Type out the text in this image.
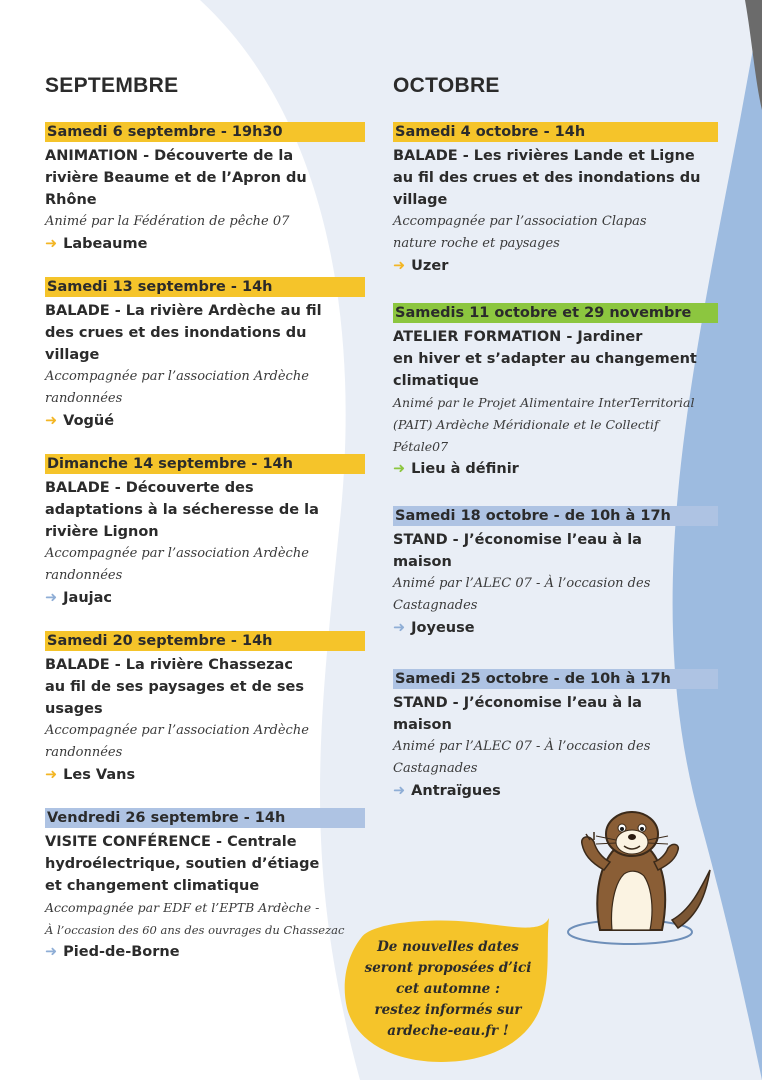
SEPTEMBRE
Samedi 6 septembre - 19h30
ANIMATION - Découverte de la
rivière Beaume et de l’Apron du
Rhône
Animé par la Fédération de pêche 07
➜ Labeaume
Samedi 13 septembre - 14h
BALADE - La rivière Ardèche au fil
des crues et des inondations du village
Accompagnée par l’association Ardèche
randonnées
➜ Vogüé
Dimanche 14 septembre - 14h
BALADE - Découverte des
adaptations à la sécheresse de la
rivière Lignon
Accompagnée par l’association Ardèche
randonnées
➜ Jaujac
Samedi 20 septembre - 14h
BALADE - La rivière Chassezac
au fil de ses paysages et de ses usages
Accompagnée par l’association Ardèche
randonnées
➜ Les Vans
Vendredi 26 septembre - 14h
VISITE CONFÉRENCE - Centrale
hydroélectrique, soutien d’étiage
et changement climatique
Accompagnée par EDF et l’EPTB Ardèche -
À l’occasion des 60 ans des ouvrages du Chassezac
➜ Pied-de-Borne
OCTOBRE
Samedi 4 octobre - 14h
BALADE - Les rivières Lande et Ligne
au fil des crues et des inondations du
village
Accompagnée par l’association Clapas
nature roche et paysages
➜ Uzer
Samedis 11 octobre et 29 novembre
ATELIER FORMATION - Jardiner
en hiver et s’adapter au changement
climatique
Animé par le Projet Alimentaire InterTerritorial
(PAIT) Ardèche Méridionale et le Collectif
Pétale07
➜ Lieu à définir
Samedi 18 octobre - de 10h à 17h
STAND - J’économise l’eau à la
maison
Animé par l’ALEC 07 - À l’occasion des
Castagnades
➜ Joyeuse
Samedi 25 octobre - de 10h à 17h
STAND - J’économise l’eau à la
maison
Animé par l’ALEC 07 - À l’occasion des
Castagnades
➜ Antraïgues
De nouvelles dates
seront proposées d’ici
cet automne :
restez informés sur
ardeche-eau.fr !
